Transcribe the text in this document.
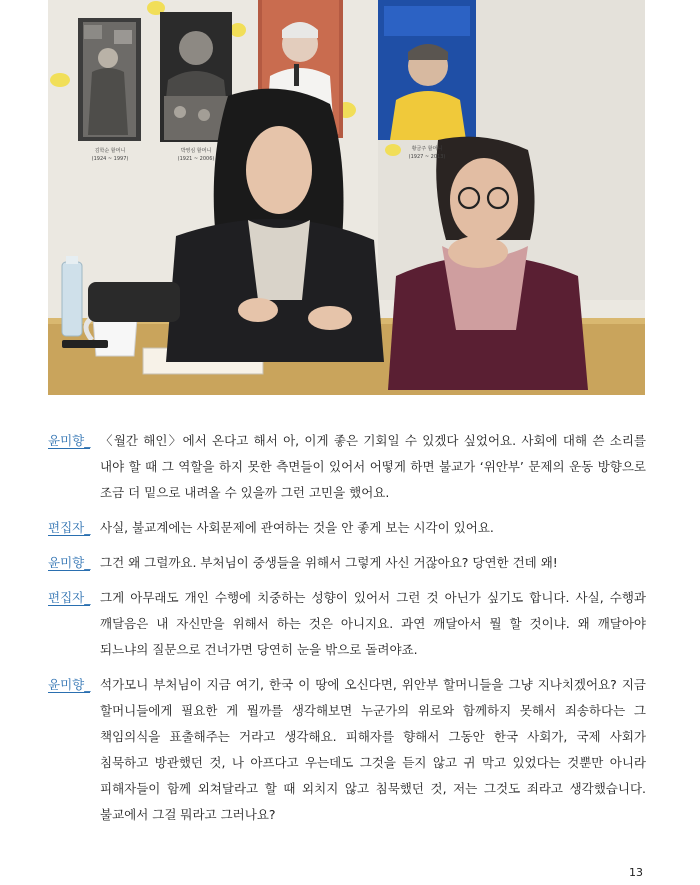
김학순 할머니
(1924 ~ 1997)
박영심 할머니
(1921 ~ 2006)
황금주 할머니
(1927 ~ 2013)
윤미향_ 〈월간 해인〉에서 온다고 해서 아, 이게 좋은 기회일 수 있겠다 싶었어요. 사회에 대해 쓴 소리를 내야 할 때 그 역할을 하지 못한 측면들이 있어서 어떻게 하면 불교가 ‘위안부’ 문제의 운동 방향으로 조금 더 밑으로 내려올 수 있을까 그런 고민을 했어요.
편집자_ 사실, 불교계에는 사회문제에 관여하는 것을 안 좋게 보는 시각이 있어요.
윤미향_ 그건 왜 그럴까요. 부처님이 중생들을 위해서 그렇게 사신 거잖아요? 당연한 건데 왜!
편집자_ 그게 아무래도 개인 수행에 치중하는 성향이 있어서 그런 것 아닌가 싶기도 합니다. 사실, 수행과 깨달음은 내 자신만을 위해서 하는 것은 아니지요. 과연 깨달아서 뭘 할 것이냐. 왜 깨달아야 되느냐의 질문으로 건너가면 당연히 눈을 밖으로 돌려야죠.
윤미향_ 석가모니 부처님이 지금 여기, 한국 이 땅에 오신다면, 위안부 할머니들을 그냥 지나치겠어요? 지금 할머니들에게 필요한 게 뭘까를 생각해보면 누군가의 위로와 함께하지 못해서 죄송하다는 그 책임의식을 표출해주는 거라고 생각해요. 피해자를 향해서 그동안 한국 사회가, 국제 사회가 침묵하고 방관했던 것, 나 아프다고 우는데도 그것을 듣지 않고 귀 막고 있었다는 것뿐만 아니라 피해자들이 함께 외쳐달라고 할 때 외치지 않고 침묵했던 것, 저는 그것도 죄라고 생각했습니다. 불교에서 그걸 뭐라고 그러나요?
13
